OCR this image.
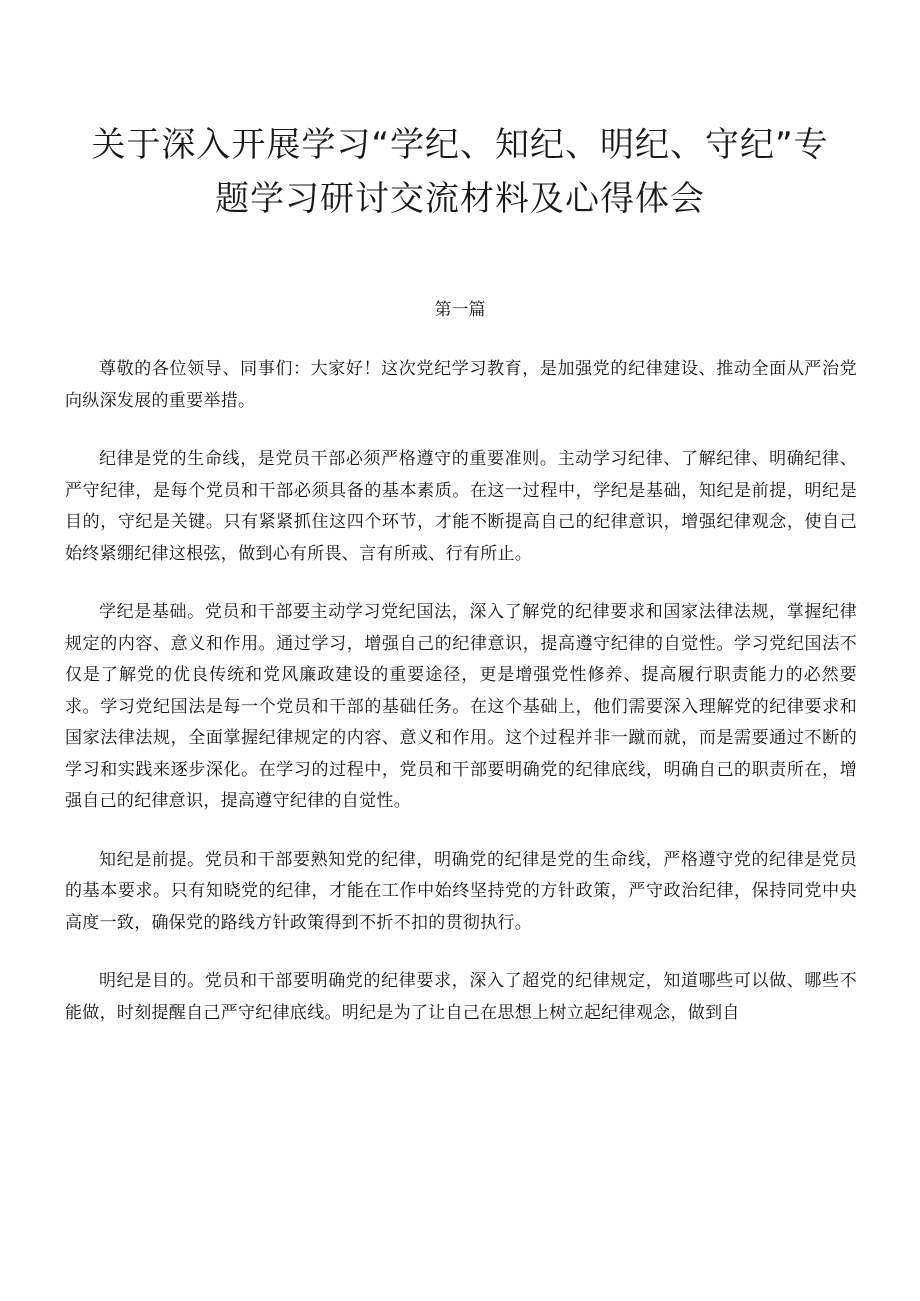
关于深入开展学习“学纪、知纪、明纪、守纪”专
题学习研讨交流材料及心得体会
第一篇

尊敬的各位领导、同事们：大家好！这次党纪学习教育，是加强党的纪律建设、推动全面从严治党向纵深发展的重要举措。

纪律是党的生命线，是党员干部必须严格遵守的重要准则。主动学习纪律、了解纪律、明确纪律、严守纪律，是每个党员和干部必须具备的基本素质。在这一过程中，学纪是基础，知纪是前提，明纪是目的，守纪是关键。只有紧紧抓住这四个环节，才能不断提高自己的纪律意识，增强纪律观念，使自己始终紧绷纪律这根弦，做到心有所畏、言有所戒、行有所止。

学纪是基础。党员和干部要主动学习党纪国法，深入了解党的纪律要求和国家法律法规，掌握纪律规定的内容、意义和作用。通过学习，增强自己的纪律意识，提高遵守纪律的自觉性。学习党纪国法不仅是了解党的优良传统和党风廉政建设的重要途径，更是增强党性修养、提高履行职责能力的必然要求。学习党纪国法是每一个党员和干部的基础任务。在这个基础上，他们需要深入理解党的纪律要求和国家法律法规，全面掌握纪律规定的内容、意义和作用。这个过程并非一蹴而就，而是需要通过不断的学习和实践来逐步深化。在学习的过程中，党员和干部要明确党的纪律底线，明确自己的职责所在，增强自己的纪律意识，提高遵守纪律的自觉性。

知纪是前提。党员和干部要熟知党的纪律，明确党的纪律是党的生命线，严格遵守党的纪律是党员的基本要求。只有知晓党的纪律，才能在工作中始终坚持党的方针政策，严守政治纪律，保持同党中央高度一致，确保党的路线方针政策得到不折不扣的贯彻执行。

明纪是目的。党员和干部要明确党的纪律要求，深入了超党的纪律规定，知道哪些可以做、哪些不能做，时刻提醒自己严守纪律底线。明纪是为了让自己在思想上树立起纪律观念，做到自
